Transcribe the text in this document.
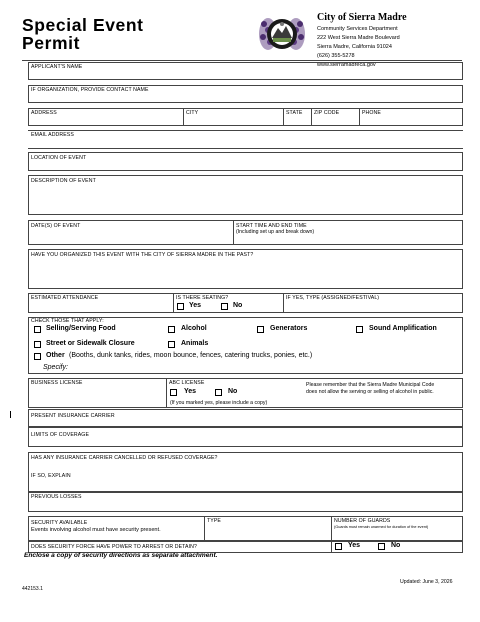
Special Event
Permit
City of Sierra Madre
Community Services Department
222 West Sierra Madre Boulevard
Sierra Madre, California 91024
(626) 355-5278
www.sierramadreca.gov
APPLICANT'S NAME
IF ORGANIZATION, PROVIDE CONTACT NAME
ADDRESS	CITY	STATE ZIP CODE	PHONE
EMAIL ADDRESS
LOCATION OF EVENT
DESCRIPTION OF EVENT
DATE(S) OF EVENT	START TIME AND END TIME
(Including set up and break down)
HAVE YOU ORGANIZED THIS EVENT WITH THE CITY OF SIERRA MADRE IN THE PAST?
ESTIMATED ATTENDANCE	IS THERE SEATING?	IF YES, TYPE (ASSIGNED/FESTIVAL)
Yes	No
CHECK THOSE THAT APPLY:
Selling/Serving Food	Alcohol	Generators	Sound Amplification
Street or Sidewalk Closure	Animals
Other (Booths, dunk tanks, rides, moon bounce, fences, catering trucks, ponies, etc.)
Specify:
BUSINESS LICENSE	ABC LICENSE
Yes	No
(If you marked yes, please include a copy)
Please remember that the Sierra Madre Municipal Code
does not allow the serving or selling of alcohol in public.
PRESENT INSURANCE CARRIER
LIMITS OF COVERAGE
HAS ANY INSURANCE CARRIER CANCELLED OR REFUSED COVERAGE?
IF SO, EXPLAIN
PREVIOUS LOSSES
SECURITY AVAILABLE
Events involving alcohol must have security present.
TYPE	NUMBER OF GUARDS
(Guards must remain unarmed for duration of the event)
DOES SECURITY FORCE HAVE POWER TO ARREST OR DETAIN?	Yes	No
Enclose a copy of security directions as separate attachment.
Updated: June 3, 2026
442153.1
